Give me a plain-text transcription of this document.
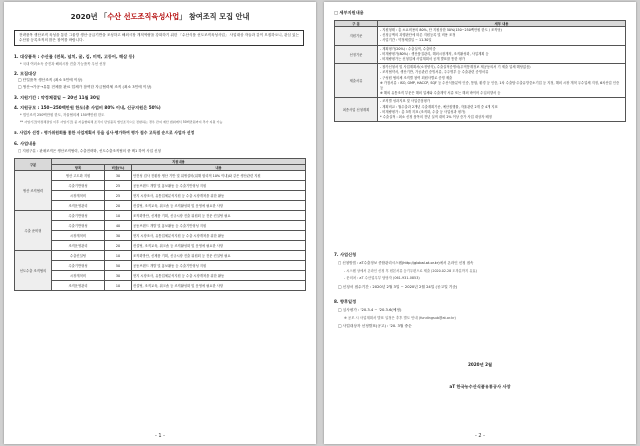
2020년 「수산 선도조직육성사업」 참여조직 모집 안내
전략품목 생산조직 육성을 통한 그물망 생산·공급기반을 조성하고 해외시장 개척역량을 강화하기 위한 「수산식품 선도조직육성사업」 사업대상 자들과 같이 모집하오니, 관심 있는 수산물 등록조직의 많은 참여를 바랍니다.
1. 대상품목 : 수산물 (전복, 넙치, 굴, 김, 미역, 고등어, 해삼 등)
* 국내 여러소득 증진과 해외시장 진출 가능품목 우선 선정
2. 모집대상
□ 단일품목 생산조직 (최소 5인에 이상)
□ 생산→가공→유통 전체를 완료 업체가 참여한 자금협력체 조직 (최소 3인에 이상)
3. 지원기간 : 약정체결일 ~ 20년 11월 30일
4. 지원규모 : 150~250백만원 한도(총 사업비 80% 이내, 신규지원은 50%)
* 법인조직 250백만원 한도, 자율협의체 150백만원 한도
** 사업기간(약정체결일 이후 사업기간) 중 자율협의체 조직이 단일품목 법인조직으로 전환하는 경우 잔여 예산 범위에서 50백만원까지 추가 지원 가능
5. 사업자 선정 : 평가위원회를 통한 사업계획서 등을 심사·평가하여 평가 점수 고득점 순으로 사업자 선정
6. 사업내용
□ 지원구분 : 판매조직은 생산조직협력, 수출전략화, 선도수출조직협의 중 택1 하여 사업 신청
구분	지원내용		
	항목	비율(%)	내용
생산 조직협력	생산 고도화 지원	30	안전성 검사 전환장 생산 기반 및 위생설비(위해 합리적 10% 이내)와 같은 생산관련 지원
	수출기반형성	25	공동브랜드 개발 및 홍보활동 등 수출기반형성 지원
	시장개척비	25	현지 시장조사, 유통업체분석지원 등 수출 시장개척을 위한 활동
	조직운영관리	20	컨설팅, 조직교육, 워크숍 등 조직활성화 및 운영에 필요한 사항
수출 준비형	수출기반형성	10	조직화방안, 신제품 기획, 신규시장 진출 위원회 등 전문 컨설팅 필요
	수출기반형성	40	공동브랜드 개발 및 홍보활동 등 수출기반형성 지원
	시장개척비	30	현지 시장조사, 유통업체분석지원 등 수출 시장개척을 위한 활동
	조직운영관리	20	컨설팅, 조직교육, 워크숍 등 조직활성화 및 운영에 필요한 사항
선도수출 조직협의	수출컨설팅	10	조직화방안, 신제품 기획, 신규시장 진출 위원회 등 전문 컨설팅 필요
	수출기반형성	50	공동브랜드 개발 및 홍보활동 등 수출기반형성 지원
	시장개척비	30	현지 시장조사, 유통업체분석지원 등 수출 시장개척을 위한 활동
	조직운영관리	10	컨설팅, 조직교육, 워크숍 등 조직활성화 및 운영에 필요한 사항
- 1 -
□ 세부지원내용
구 분	세부 내용
지원기준	- 지원형태 : 총 소요비용의 80%, 단 지원상한 50%(150~250백만원 한도 / 조직당)
- 신청금액의 과행판단에 따른 지원등록 및 비용 조정
- 사업기간 : 약정체결일 ~ 11.30일

선정기준	- 계획평가(20%) : 수출실적, 수출비중
- 비계량평가(80%) : 생산품질관리, 해외시장개척, 조직활성화, 사업계획 등
- 비계량평가는 신청업체 사업계획서 공개 발표를 통한 평가

제출서류	- 참가신청서 및 사업계획서(소정양식), 수출실적증명서(무역통계정보 제공동의서 기 제출 업체 해당없음)
- 조직협약서, 생산기반, 가공관련 증빙서류, 주주명부 등 수출관련 증빙서류
- 구성원 협의체 조직별 참여 회원사별로 증빙 제출
※ 가점서류 : ISO, GMP, HACCP, SQF 등 수산식품분야 인증, 통합, 환경 등 인증, 1차 수출탑·수출유망중소기업 등 지정, 해외 시장 개척 우수업체 지정, 6차산업 인증 등
※ 해외 유통조직 부문은 해외 업체와 수출계약 서류 또는 해외 바이어 수입의향서 등

최종사업 신청계획	- 조직별 성과지표 및 사업중점평가
- 계획비교 : 월수출과 2개년 수출계획기준, 예산집행률, 자율관련 2개 중 4개 지표
- 비계량평가 : 총 3개 지표 (조직화, 수출 등 사업성과 평가)
* 수출실적 : 최소 신청 품목의 전년 실적 대비 2% 이상 증가 사업 대상자 배정
7. 사업신청
□ 신청방법 : aT수출정보 종합관리시스템(http://global.at.or.kr)에서 온라인 신청 접속
- 시스템 상에서 온라인 신청 후 원본서류 등기우편으로 제출 (2020.02.28 도착분까지 유효)
- 문의처 : aT 수산업무부 담당자 (061-931-0853)
□ 신청서 접수기간 : 2020년 2월 3일 ~ 2020년 2월 24일 (공고일 기준)
8. 향후일정
□ 심사평가 : '20.3.4 ~ '20.3.6(예정)
※ 공모 시 사업계획서 발표 일정은 추후 별도 안내 (fundingsub@at.or.kr)
□ 사업대상자 선정발표(공고) : '20. 3월 중순
2020년 2월
aT 한국농수산식품유통공사 사장
- 2 -
